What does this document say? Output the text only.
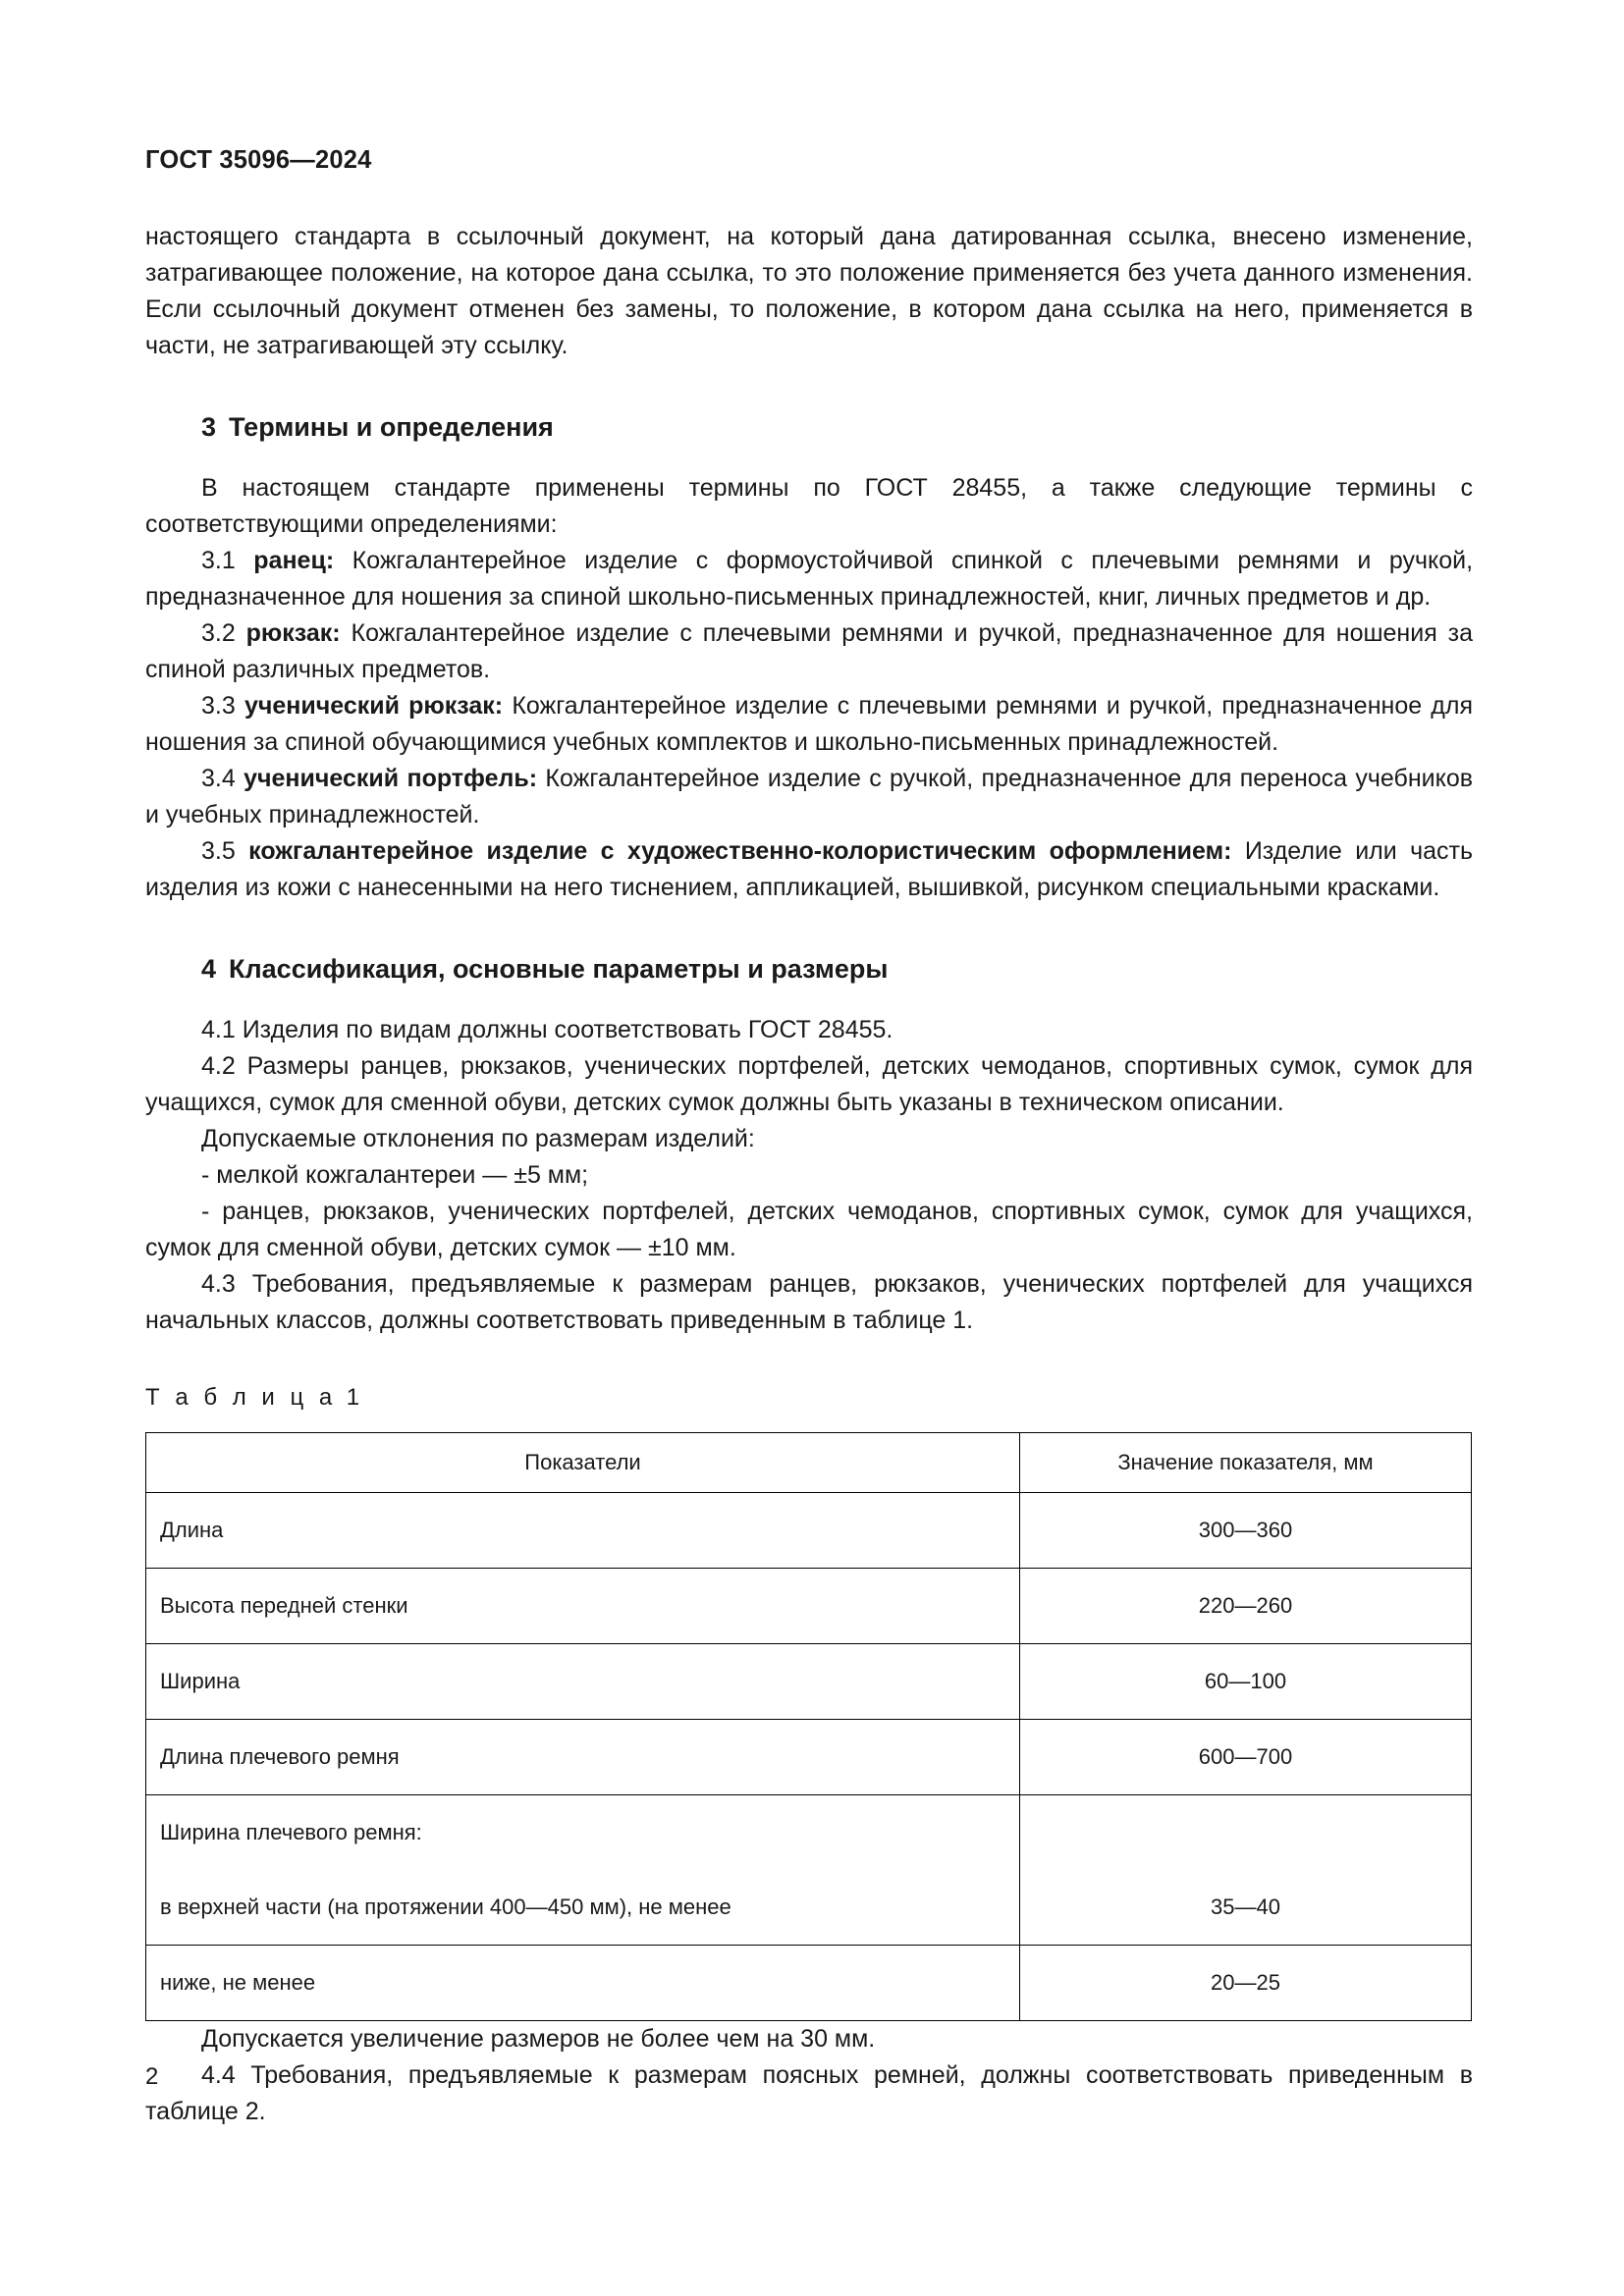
ГОСТ 35096—2024

настоящего стандарта в ссылочный документ, на который дана датированная ссылка, внесено изменение, затрагивающее положение, на которое дана ссылка, то это положение применяется без учета данного изменения. Если ссылочный документ отменен без замены, то положение, в котором дана ссылка на него, применяется в части, не затрагивающей эту ссылку.

3 Термины и определения

В настоящем стандарте применены термины по ГОСТ 28455, а также следующие термины с соответствующими определениями:

3.1 ранец: Кожгалантерейное изделие с формоустойчивой спинкой с плечевыми ремнями и ручкой, предназначенное для ношения за спиной школьно-письменных принадлежностей, книг, личных предметов и др.

3.2 рюкзак: Кожгалантерейное изделие с плечевыми ремнями и ручкой, предназначенное для ношения за спиной различных предметов.

3.3 ученический рюкзак: Кожгалантерейное изделие с плечевыми ремнями и ручкой, предназначенное для ношения за спиной обучающимися учебных комплектов и школьно-письменных принадлежностей.

3.4 ученический портфель: Кожгалантерейное изделие с ручкой, предназначенное для переноса учебников и учебных принадлежностей.

3.5 кожгалантерейное изделие с художественно-колористическим оформлением: Изделие или часть изделия из кожи с нанесенными на него тиснением, аппликацией, вышивкой, рисунком специальными красками.

4 Классификация, основные параметры и размеры

4.1 Изделия по видам должны соответствовать ГОСТ 28455.

4.2 Размеры ранцев, рюкзаков, ученических портфелей, детских чемоданов, спортивных сумок, сумок для учащихся, сумок для сменной обуви, детских сумок должны быть указаны в техническом описании.

Допускаемые отклонения по размерам изделий:

- мелкой кожгалантереи — ±5 мм;

- ранцев, рюкзаков, ученических портфелей, детских чемоданов, спортивных сумок, сумок для учащихся, сумок для сменной обуви, детских сумок — ±10 мм.

4.3 Требования, предъявляемые к размерам ранцев, рюкзаков, ученических портфелей для учащихся начальных классов, должны соответствовать приведенным в таблице 1.

Т а б л и ц а 1
Показатели	Значение показателя, мм
Длина	300—360
Высота передней стенки	220—260
Ширина	60—100
Длина плечевого ремня	600—700
Ширина плечевого ремня:	
в верхней части (на протяжении 400—450 мм), не менее	35—40
ниже, не менее	20—25

Допускается увеличение размеров не более чем на 30 мм.

4.4 Требования, предъявляемые к размерам поясных ремней, должны соответствовать приведенным в таблице 2.

2
